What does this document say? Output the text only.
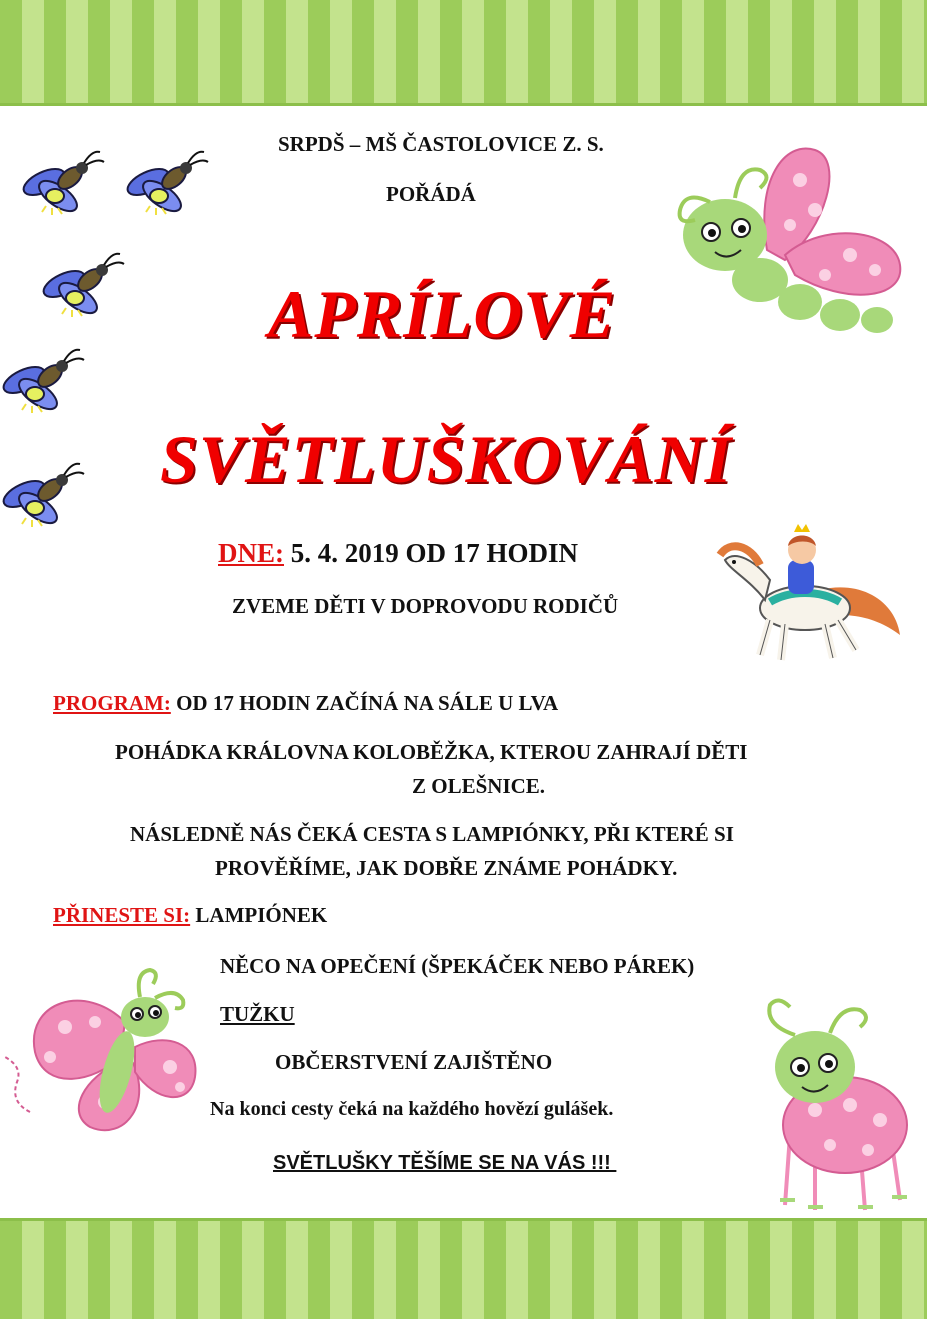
SRPDŠ – MŠ ČASTOLOVICE Z. S.
POŘÁDÁ
APRÍLOVÉ
SVĚTLUŠKOVÁNÍ
DNE: 5. 4. 2019 OD 17 HODIN
ZVEME DĚTI V DOPROVODU RODIČŮ
PROGRAM: OD 17 HODIN ZAČÍNÁ NA SÁLE U LVA
POHÁDKA KRÁLOVNA KOLOBĚŽKA, KTEROU ZAHRAJÍ DĚTI
Z OLEŠNICE.
NÁSLEDNĚ NÁS ČEKÁ CESTA S LAMPIÓNKY, PŘI KTERÉ SI
PROVĚŘÍME, JAK DOBŘE ZNÁME POHÁDKY.
PŘINESTE SI: LAMPIÓNEK
NĚCO NA OPEČENÍ (ŠPEKÁČEK NEBO PÁREK)
TUŽKU
OBČERSTVENÍ ZAJIŠTĚNO
Na konci cesty čeká na každého hovězí gulášek.
SVĚTLUŠKY TĚŠÍME SE NA VÁS !!!
